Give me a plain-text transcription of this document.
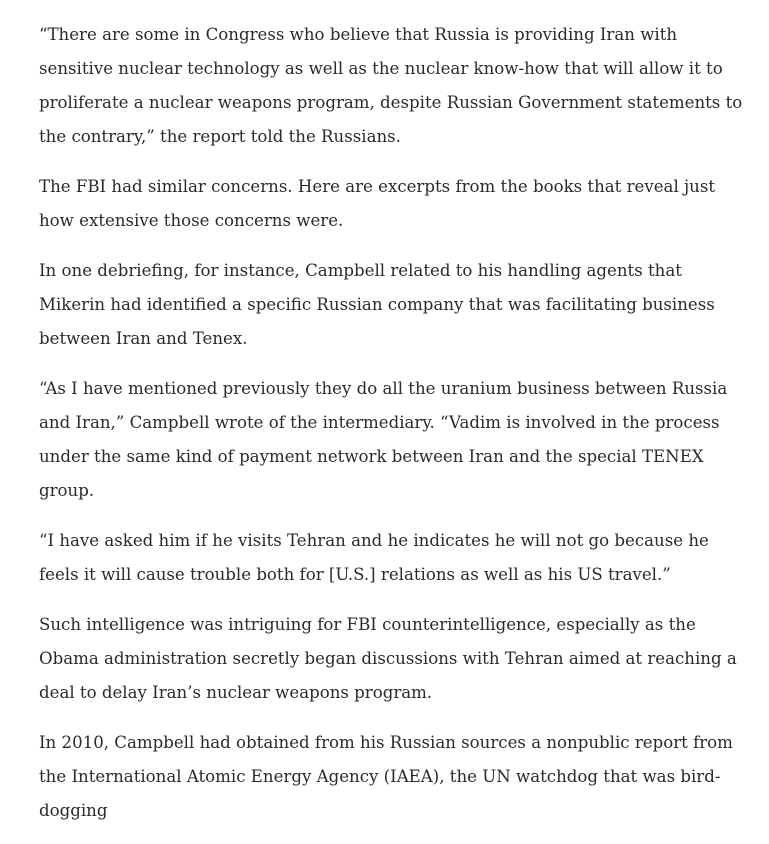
“There are some in Congress who believe that Russia is providing Iran with sensitive nuclear technology as well as the nuclear know-how that will allow it to proliferate a nuclear weapons program, despite Russian Government statements to the contrary,” the report told the Russians.

The FBI had similar concerns. Here are excerpts from the books that reveal just how extensive those concerns were.

In one debriefing, for instance, Campbell related to his handling agents that Mikerin had identified a specific Russian company that was facilitating business between Iran and Tenex.

“As I have mentioned previously they do all the uranium business between Russia and Iran,” Campbell wrote of the intermediary. “Vadim is involved in the process under the same kind of payment network between Iran and the special TENEX group.

“I have asked him if he visits Tehran and he indicates he will not go because he feels it will cause trouble both for [U.S.] relations as well as his US travel.”

Such intelligence was intriguing for FBI counterintelligence, especially as the Obama administration secretly began discussions with Tehran aimed at reaching a deal to delay Iran’s nuclear weapons program.

In 2010, Campbell had obtained from his Russian sources a nonpublic report from the International Atomic Energy Agency (IAEA), the UN watchdog that was bird-dogging
